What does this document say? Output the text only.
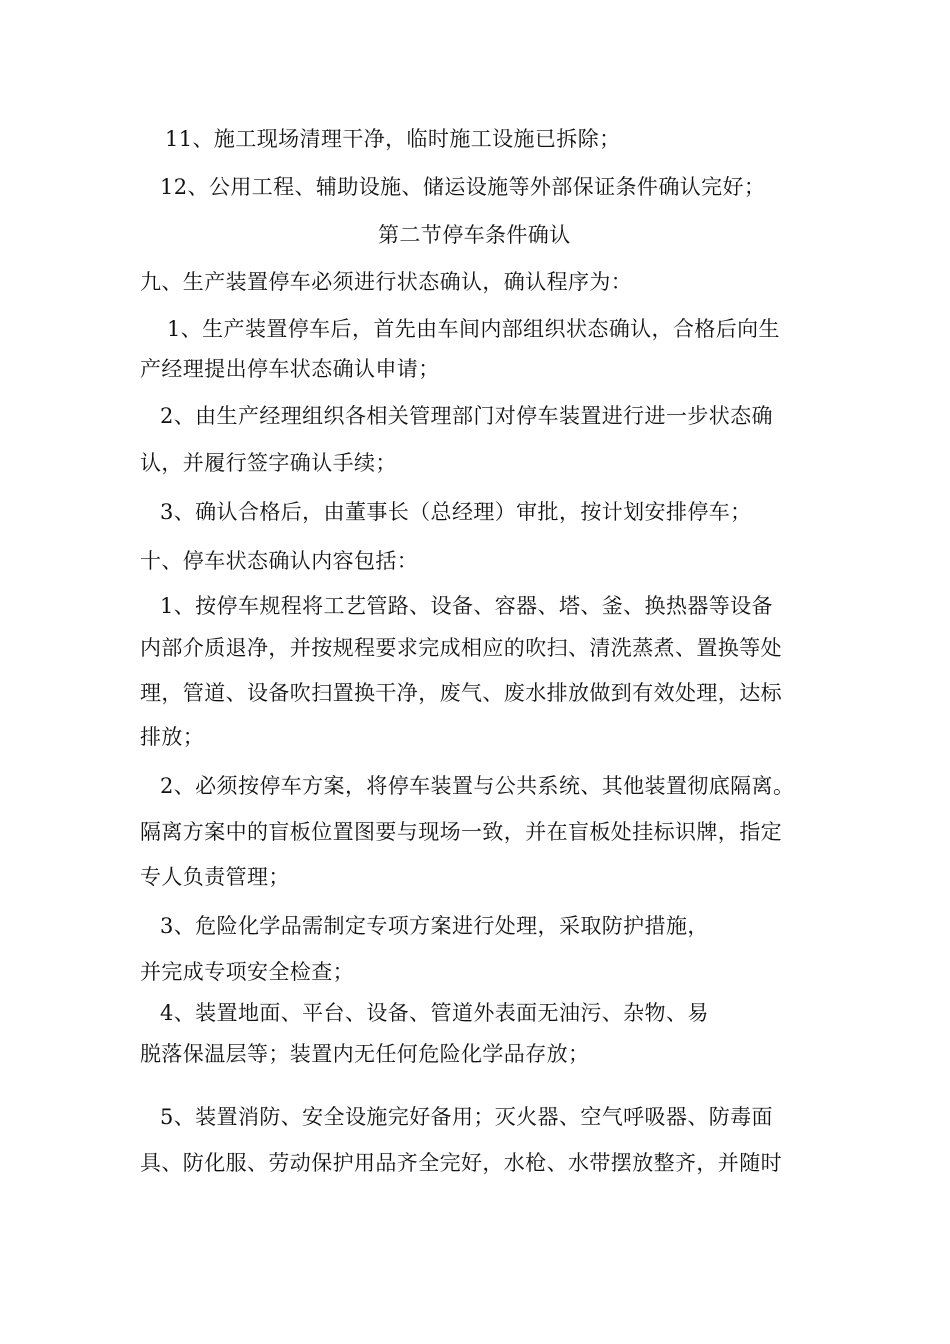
11、施工现场清理干净，临时施工设施已拆除；
12、公用工程、辅助设施、储运设施等外部保证条件确认完好；
第二节停车条件确认
九、生产装置停车必须进行状态确认，确认程序为：
1、生产装置停车后，首先由车间内部组织状态确认，合格后向生
产经理提出停车状态确认申请；
2、由生产经理组织各相关管理部门对停车装置进行进一步状态确
认，并履行签字确认手续；
3、确认合格后，由董事长（总经理）审批，按计划安排停车；
十、停车状态确认内容包括：
1、按停车规程将工艺管路、设备、容器、塔、釜、换热器等设备
内部介质退净，并按规程要求完成相应的吹扫、清洗蒸煮、置换等处
理，管道、设备吹扫置换干净，废气、废水排放做到有效处理，达标
排放；
2、必须按停车方案，将停车装置与公共系统、其他装置彻底隔离。
隔离方案中的盲板位置图要与现场一致，并在盲板处挂标识牌，指定
专人负责管理；
3、危险化学品需制定专项方案进行处理，采取防护措施，
并完成专项安全检查；
4、装置地面、平台、设备、管道外表面无油污、杂物、易
脱落保温层等；装置内无任何危险化学品存放；
5、装置消防、安全设施完好备用；灭火器、空气呼吸器、防毒面
具、防化服、劳动保护用品齐全完好，水枪、水带摆放整齐，并随时
